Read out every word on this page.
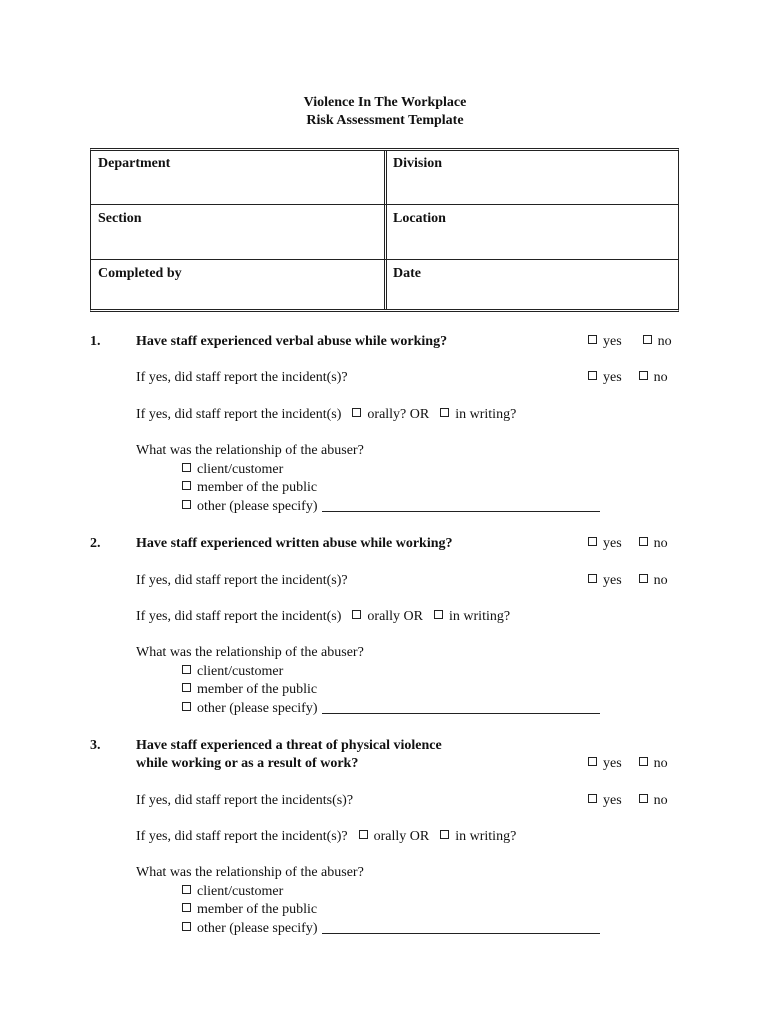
Violence In The Workplace
Risk Assessment Template
Department	Division
Section	Location
Completed by	Date
1.	Have staff experienced verbal abuse while working?	yes	no
If yes, did staff report the incident(s)?	yes no
If yes, did staff report the incident(s) orally? OR in writing?
What was the relationship of the abuser?
client/customer
member of the public
other (please specify)
2.	Have staff experienced written abuse while working?	yes no
If yes, did staff report the incident(s)?	yes no
If yes, did staff report the incident(s) orally OR in writing?
What was the relationship of the abuser?
client/customer
member of the public
other (please specify)
3.	Have staff experienced a threat of physical violence
while working or as a result of work?	yes no
If yes, did staff report the incidents(s)?	yes no
If yes, did staff report the incident(s)? orally OR in writing?
What was the relationship of the abuser?
client/customer
member of the public
other (please specify)
